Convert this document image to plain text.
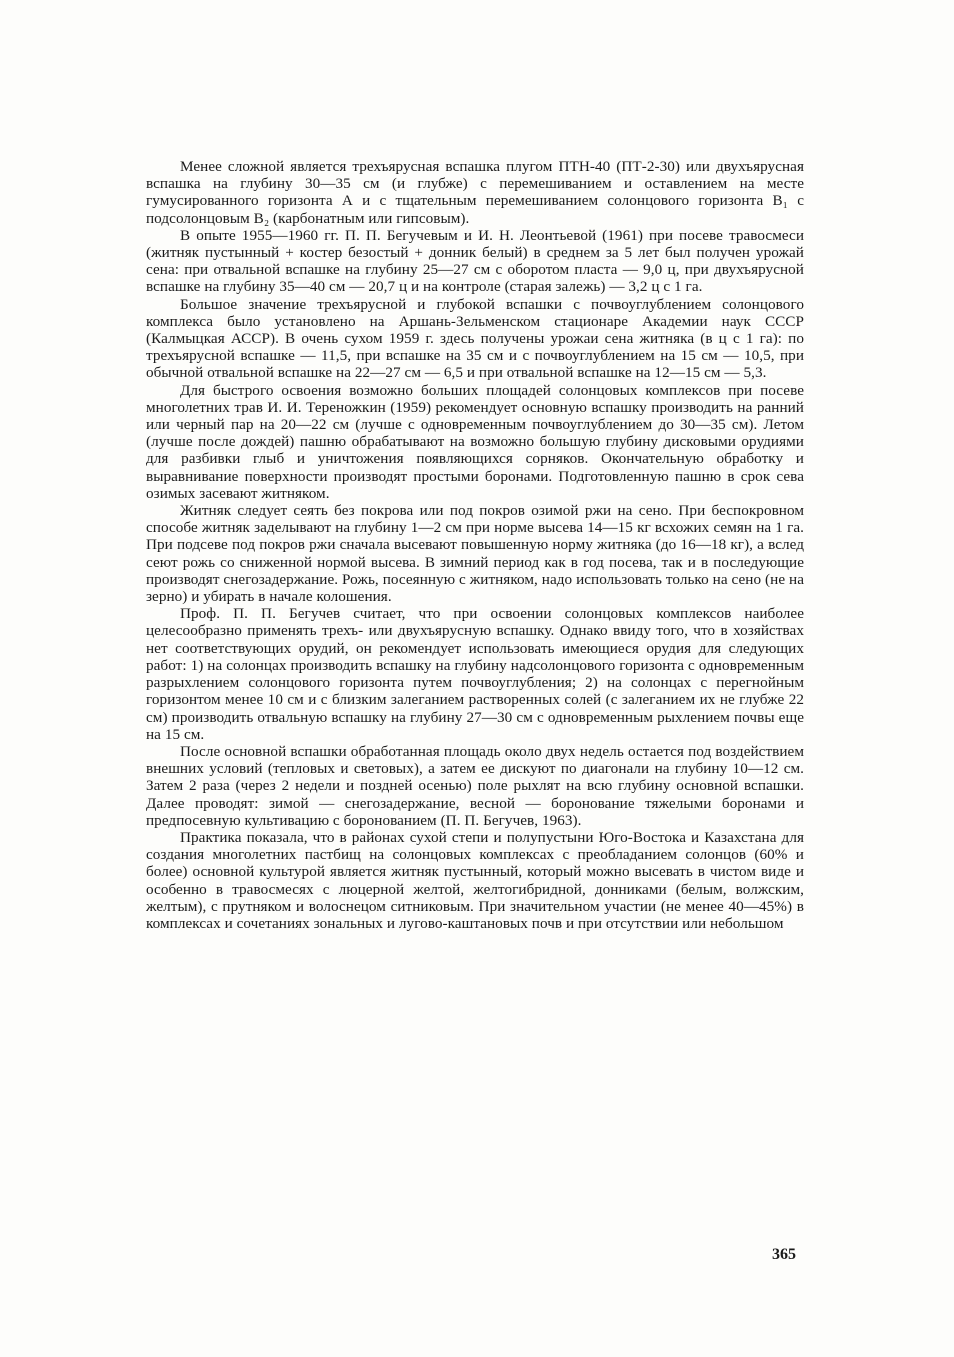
Менее сложной является трехъярусная вспашка плугом ПТН-40 (ПТ-2-30) или двухъярусная вспашка на глубину 30—35 см (и глубже) с перемешиванием и оставлением на месте гумусированного горизонта А и с тщательным перемешиванием солонцового горизонта B₁ с подсолонцовым B₂ (карбонатным или гипсовым).

В опыте 1955—1960 гг. П. П. Бегучевым и И. Н. Леонтьевой (1961) при посеве травосмеси (житняк пустынный + костер безостый + донник белый) в среднем за 5 лет был получен урожай сена: при отвальной вспашке на глубину 25—27 см с оборотом пласта — 9,0 ц, при двухъярусной вспашке на глубину 35—40 см — 20,7 ц и на контроле (старая залежь) — 3,2 ц с 1 га.

Большое значение трехъярусной и глубокой вспашки с почвоуглублением солонцового комплекса было установлено на Аршань-Зельменском стационаре Академии наук СССР (Калмыцкая АССР). В очень сухом 1959 г. здесь получены урожаи сена житняка (в ц с 1 га): по трехъярусной вспашке — 11,5, при вспашке на 35 см и с почвоуглублением на 15 см — 10,5, при обычной отвальной вспашке на 22—27 см — 6,5 и при отвальной вспашке на 12—15 см — 5,3.

Для быстрого освоения возможно больших площадей солонцовых комплексов при посеве многолетних трав И. И. Тереножкин (1959) рекомендует основную вспашку производить на ранний или черный пар на 20—22 см (лучше с одновременным почвоуглублением до 30—35 см). Летом (лучше после дождей) пашню обрабатывают на возможно большую глубину дисковыми орудиями для разбивки глыб и уничтожения появляющихся сорняков. Окончательную обработку и выравнивание поверхности производят простыми боронами. Подготовленную пашню в срок сева озимых засевают житняком.

Житняк следует сеять без покрова или под покров озимой ржи на сено. При беспокровном способе житняк заделывают на глубину 1—2 см при норме высева 14—15 кг всхожих семян на 1 га. При подсеве под покров ржи сначала высевают повышенную норму житняка (до 16—18 кг), а вслед сеют рожь со сниженной нормой высева. В зимний период как в год посева, так и в последующие производят снегозадержание. Рожь, посеянную с житняком, надо использовать только на сено (не на зерно) и убирать в начале колошения.

Проф. П. П. Бегучев считает, что при освоении солонцовых комплексов наиболее целесообразно применять трехъ- или двухъярусную вспашку. Однако ввиду того, что в хозяйствах нет соответствующих орудий, он рекомендует использовать имеющиеся орудия для следующих работ: 1) на солонцах производить вспашку на глубину надсолонцового горизонта с одновременным разрыхлением солонцового горизонта путем почвоуглубления; 2) на солонцах с перегнойным горизонтом менее 10 см и с близким залеганием растворенных солей (с залеганием их не глубже 22 см) производить отвальную вспашку на глубину 27—30 см с одновременным рыхлением почвы еще на 15 см.

После основной вспашки обработанная площадь около двух недель остается под воздействием внешних условий (тепловых и световых), а затем ее дискуют по диагонали на глубину 10—12 см. Затем 2 раза (через 2 недели и поздней осенью) поле рыхлят на всю глубину основной вспашки. Далее проводят: зимой — снегозадержание, весной — боронование тяжелыми боронами и предпосевную культивацию с боронованием (П. П. Бегучев, 1963).

Практика показала, что в районах сухой степи и полупустыни Юго-Востока и Казахстана для создания многолетних пастбищ на солонцовых комплексах с преобладанием солонцов (60% и более) основной культурой является житняк пустынный, который можно высевать в чистом виде и особенно в травосмесях с люцерной желтой, желтогибридной, донниками (белым, волжским, желтым), с прутняком и волоснецом ситниковым. При значительном участии (не менее 40—45%) в комплексах и сочетаниях зональных и лугово-каштановых почв и при отсутствии или небольшом

365
